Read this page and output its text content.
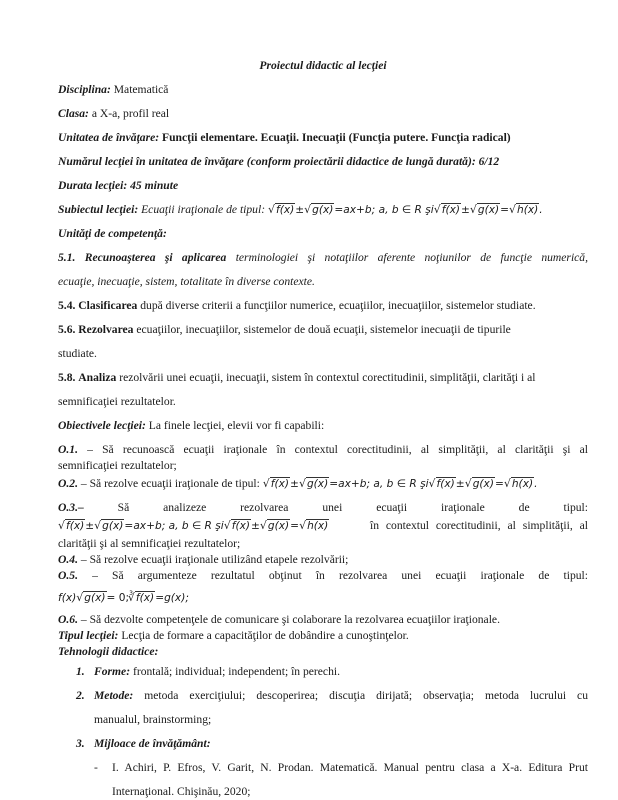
Proiectul didactic al lecţiei
Disciplina: Matematică
Clasa: a X-a, profil real
Unitatea de învăţare: Funcţii elementare. Ecuaţii. Inecuaţii (Funcţia putere. Funcţia radical)
Numărul lecţiei în unitatea de învăţare (conform proiectării didactice de lungă durată): 6/12
Durata lecţiei: 45 minute
Subiectul lecţiei: Ecuaţii iraţionale de tipul: √ f(x)± √ g(x)=ax+b; a, b ∈ R şi √ f(x)± √ g(x)= √ h(x).
Unităţi de competenţă:
5.1. Recunoaşterea şi aplicarea terminologiei şi notaţiilor aferente noţiunilor de funcţie numerică,
ecuaţie, inecuaţie, sistem, totalitate în diverse contexte.
5.4. Clasificarea după diverse criterii a funcţiilor numerice, ecuaţiilor, inecuaţiilor, sistemelor studiate.
5.6. Rezolvarea ecuaţiilor, inecuaţiilor, sistemelor de două ecuaţii, sistemelor inecuaţii de tipurile
studiate.
5.8. Analiza rezolvării unei ecuaţii, inecuaţii, sistem în contextul corectitudinii, simplităţii, clarităţi i al
semnificaţiei rezultatelor.
Obiectivele lecţiei: La finele lecţiei, elevii vor fi capabili:
O.1. – Să recunoască ecuaţii iraţionale în contextul corectitudinii, al simplităţii, al clarităţii şi al
semnificaţiei rezultatelor;
O.2. – Să rezolve ecuaţii iraţionale de tipul: √ f(x)± √ g(x)=ax+b; a, b ∈ R şi √ f(x)± √ g(x)= √ h(x).
O.3.–	Să analizeze rezolvarea unei ecuaţii iraţionale de tipul:
√ f(x)± √ g(x)=ax+b; a, b ∈ R şi √ f(x)± √ g(x)= √ h(x)	în contextul corectitudinii, al simplităţii, al
clarităţii şi al semnificaţiei rezultatelor;
O.4. – Să rezolve ecuaţii iraţionale utilizând etapele rezolvării;
O.5. – Să argumenteze rezultatul obţinut în rezolvarea unei ecuaţii iraţionale de tipul:
f(x) √ g(x)= 0;$^3$ √ f(x)=g(x);
O.6. – Să dezvolte competenţele de comunicare şi colaborare la rezolvarea ecuaţiilor iraţionale.
Tipul lecţiei: Lecţia de formare a capacităţilor de dobândire a cunoştinţelor.
Tehnologii didactice:
1. Forme: frontală; individual; independent; în perechi.
2. Metode: metoda exerciţiului; descoperirea; discuţia dirijată; observaţia; metoda lucrului cu
manualul, brainstorming;
3. Mijloace de învăţământ:
- I. Achiri, P. Efros, V. Garit, N. Prodan. Matematică. Manual pentru clasa a X-a. Editura Prut
Internaţional. Chişinău, 2020;
